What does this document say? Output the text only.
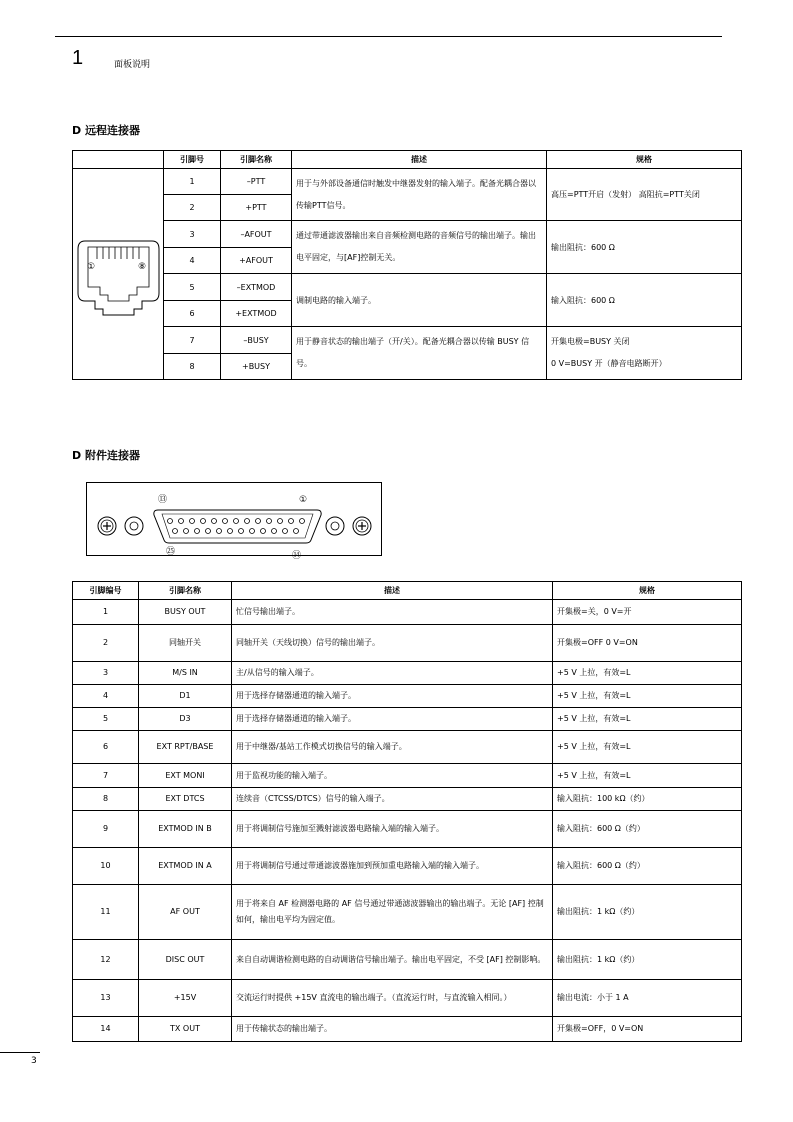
1	面板说明
D 远程连接器
	引脚号	引脚名称	描述	规格

① ⑧	1	–PTT	用于与外部设备通信时触发中继器发射的输入端子。配备光耦合器以传输PTT信号。	高压=PTT开启（发射） 高阻抗=PTT关闭
	2	+PTT		
	3	–AFOUT	通过带通滤波器输出来自音频检测电路的音频信号的输出端子。输出电平固定，与[AF]控制无关。	输出阻抗：600 Ω
	4	+AFOUT		
	5	–EXTMOD	调制电路的输入端子。	输入阻抗：600 Ω
	6	+EXTMOD		
	7	–BUSY	用于静音状态的输出端子（开/关）。配备光耦合器以传输 BUSY 信号。	开集电极=BUSY 关闭
0 V=BUSY 开（静音电路断开）

	8	+BUSY		
D 附件连接器
⑬	①
㉕	⑭
引脚编号	引脚名称	描述	规格
1	BUSY OUT	忙信号输出端子。	开集极=关，0 V=开
2	同轴开关	同轴开关（天线切换）信号的输出端子。	开集极=OFF 0 V=ON
3	M/S IN	主/从信号的输入端子。	+5 V 上拉，有效=L
4	D1	用于选择存储器通道的输入端子。	+5 V 上拉，有效=L
5	D3	用于选择存储器通道的输入端子。	+5 V 上拉，有效=L
6	EXT RPT/BASE	用于中继器/基站工作模式切换信号的输入端子。	+5 V 上拉，有效=L
7	EXT MONI	用于监视功能的输入端子。	+5 V 上拉，有效=L
8	EXT DTCS	连续音（CTCSS/DTCS）信号的输入端子。	输入阻抗：100 kΩ（约）
9	EXTMOD IN B	用于将调制信号施加至溅射滤波器电路输入端的输入端子。	输入阻抗：600 Ω（约）
10	EXTMOD IN A	用于将调制信号通过带通滤波器施加到预加重电路输入端的输入端子。	输入阻抗：600 Ω（约）
11	AF OUT	用于将来自 AF 检测器电路的 AF 信号通过带通滤波器输出的输出端子。无论 [AF] 控制如何，输出电平均为固定值。	输出阻抗：1 kΩ（约）
12	DISC OUT	来自自动调谐检测电路的自动调谐信号输出端子。输出电平固定，不受 [AF] 控制影响。	输出阻抗：1 kΩ（约）
13	+15V	交流运行时提供 +15V 直流电的输出端子。（直流运行时，与直流输入相同。）	输出电流：小于 1 A
14	TX OUT	用于传输状态的输出端子。	开集极=OFF，0 V=ON
3
